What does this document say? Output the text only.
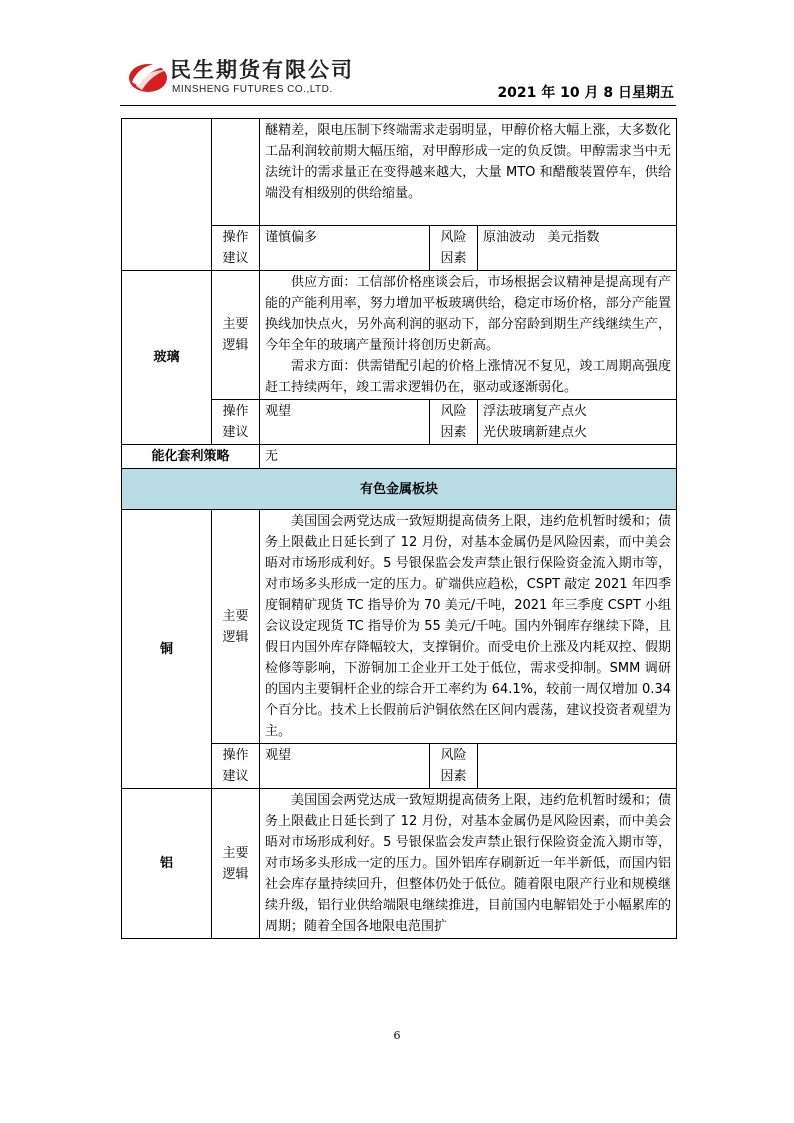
民生期货有限公司
MINSHENG FUTURES CO.,LTD.	2021 年 10 月 8 日星期五
		醚精差，限电压制下终端需求走弱明显，甲醇价格大幅上涨，大多数化工品利润较前期大幅压缩，对甲醇形成一定的负反馈。甲醇需求当中无法统计的需求量正在变得越来越大，大量 MTO 和醋酸装置停车，供给端没有相级别的供给缩量。		
	操作建议	谨慎偏多	风险因素	原油波动   美元指数
玻璃	主要逻辑	供应方面：工信部价格座谈会后，市场根据会议精神是提高现有产能的产能利用率，努力增加平板玻璃供给，稳定市场价格，部分产能置换线加快点火，另外高利润的驱动下，部分窑龄到期生产线继续生产，今年全年的玻璃产量预计将创历史新高。
需求方面：供需错配引起的价格上涨情况不复见，竣工周期高强度赶工持续两年，竣工需求逻辑仍在，驱动或逐渐弱化。		

	操作建议	观望	风险因素	浮法玻璃复产点火
光伏玻璃新建点火

能化套利策略		无		
有色金属板块				
铜	主要逻辑	美国国会两党达成一致短期提高债务上限，违约危机暂时缓和；债务上限截止日延长到了 12 月份，对基本金属仍是风险因素，而中美会晤对市场形成利好。5 号银保监会发声禁止银行保险资金流入期市等，对市场多头形成一定的压力。矿端供应趋松，CSPT 敲定 2021 年四季度铜精矿现货 TC 指导价为 70 美元/千吨，2021 年三季度 CSPT 小组会议设定现货 TC 指导价为 55 美元/千吨。国内外铜库存继续下降，且假日内国外库存降幅较大，支撑铜价。而受电价上涨及内耗双控、假期检修等影响，下游铜加工企业开工处于低位，需求受抑制。SMM 调研的国内主要铜杆企业的综合开工率约为 64.1%，较前一周仅增加 0.34 个百分比。技术上长假前后沪铜依然在区间内震荡，建议投资者观望为主。		

	操作建议	观望	风险因素	
铝	主要逻辑	美国国会两党达成一致短期提高债务上限，违约危机暂时缓和；债务上限截止日延长到了 12 月份，对基本金属仍是风险因素，而中美会晤对市场形成利好。5 号银保监会发声禁止银行保险资金流入期市等，对市场多头形成一定的压力。国外铝库存刷新近一年半新低，而国内铝社会库存量持续回升，但整体仍处于低位。随着限电限产行业和规模继续升级，铝行业供给端限电继续推进，目前国内电解铝处于小幅累库的周期；随着全国各地限电范围扩		
6
